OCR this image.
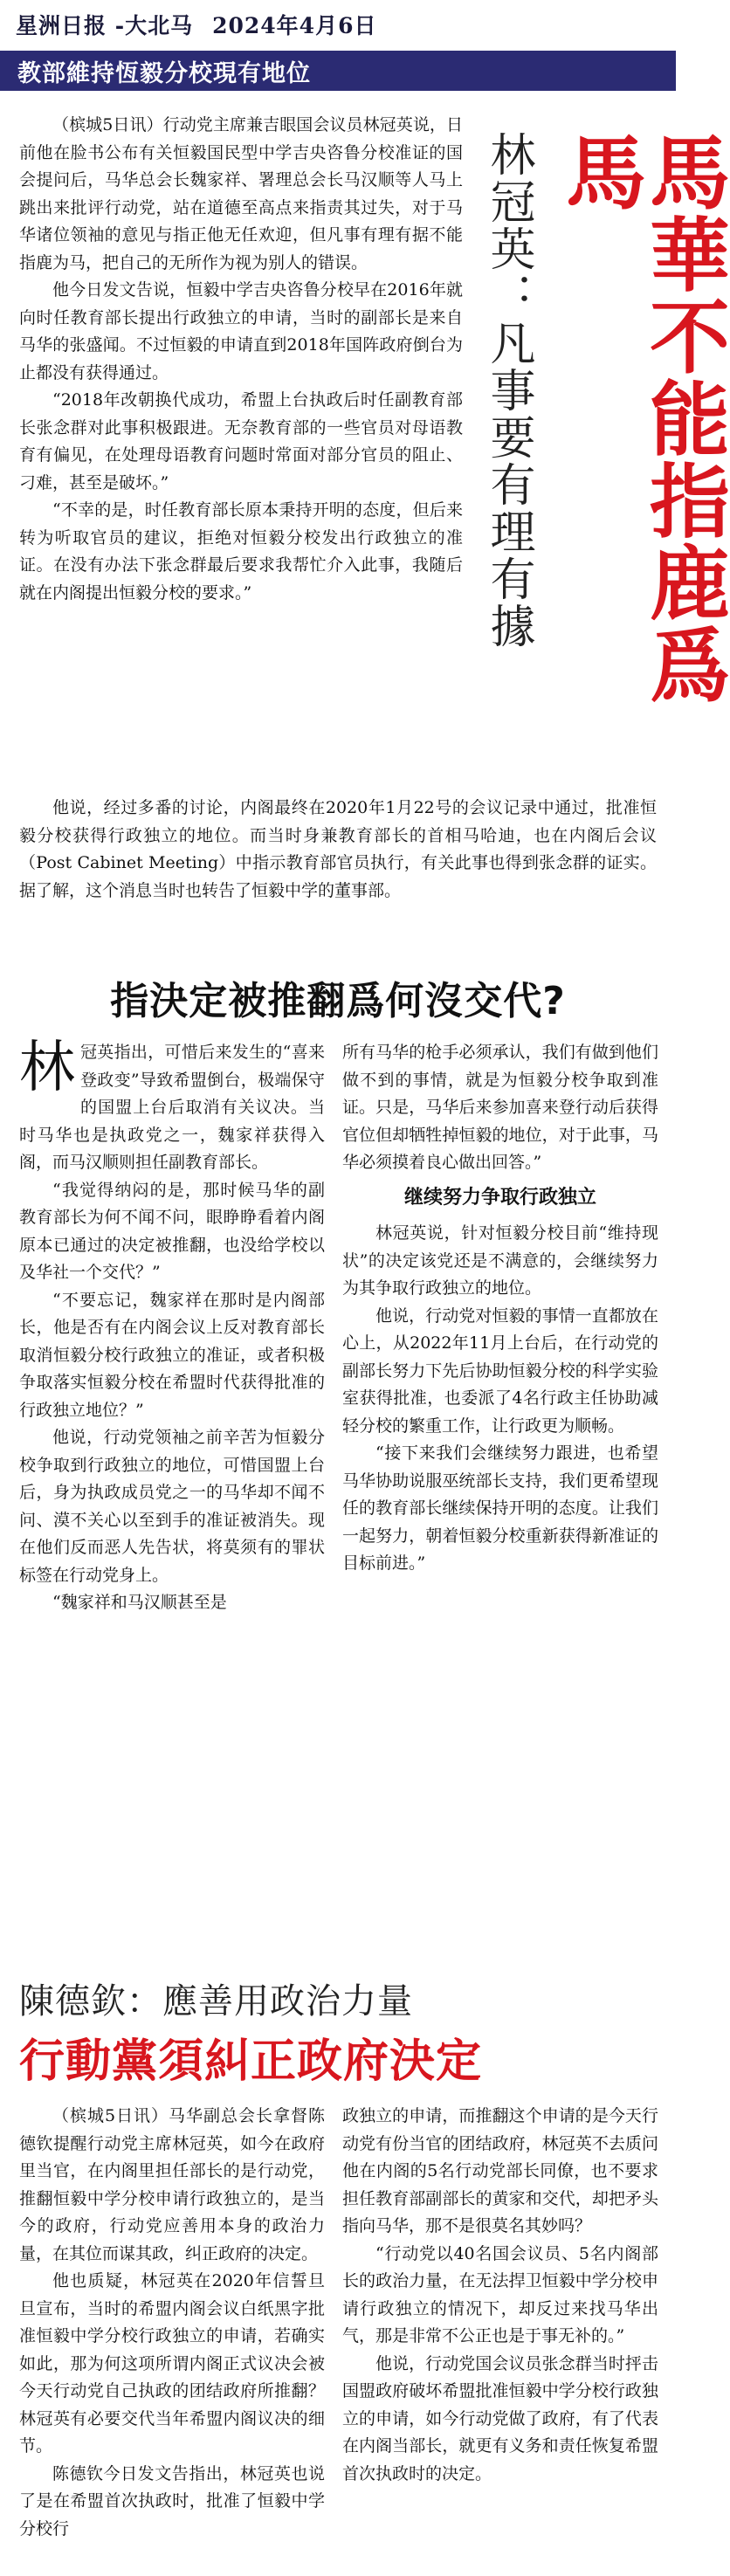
星洲日报 -大北马 2024年4月6日
教部維持恆毅分校現有地位

（槟城5日讯）行动党主席兼吉眼国会议员林冠英说，日前他在脸书公布有关恒毅国民型中学吉央咨鲁分校准证的国会提问后，马华总会长魏家祥、署理总会长马汉顺等人马上跳出来批评行动党，站在道德至高点来指责其过失，对于马华诸位领袖的意见与指正他无任欢迎，但凡事有理有据不能指鹿为马，把自己的无所作为视为别人的错误。

他今日发文告说，恒毅中学吉央咨鲁分校早在2016年就向时任教育部长提出行政独立的申请，当时的副部长是来自马华的张盛闻。不过恒毅的申请直到2018年国阵政府倒台为止都没有获得通过。

“2018年改朝换代成功，希盟上台执政后时任副教育部长张念群对此事积极跟进。无奈教育部的一些官员对母语教育有偏见，在处理母语教育问题时常面对部分官员的阻止、刁难，甚至是破坏。”

“不幸的是，时任教育部长原本秉持开明的态度，但后来转为听取官员的建议，拒绝对恒毅分校发出行政独立的准证。在没有办法下张念群最后要求我帮忙介入此事，我随后就在内阁提出恒毅分校的要求。”	林冠英：凡事要有理有據	馬華不能指鹿爲馬

他说，经过多番的讨论，内阁最终在2020年1月22号的会议记录中通过，批准恒毅分校获得行政独立的地位。而当时身兼教育部长的首相马哈迪，也在内阁后会议（Post Cabinet Meeting）中指示教育部官员执行，有关此事也得到张念群的证实。据了解，这个消息当时也转告了恒毅中学的董事部。

指決定被推翻爲何沒交代?

林冠英指出，可惜后来发生的“喜来登政变”导致希盟倒台，极端保守的国盟上台后取消有关议决。当时马华也是执政党之一，魏家祥获得入阁，而马汉顺则担任副教育部长。

“我觉得纳闷的是，那时候马华的副教育部长为何不闻不问，眼睁睁看着内阁原本已通过的决定被推翻，也没给学校以及华社一个交代？”

“不要忘记，魏家祥在那时是内阁部长，他是否有在内阁会议上反对教育部长取消恒毅分校行政独立的准证，或者积极争取落实恒毅分校在希盟时代获得批准的行政独立地位？”

他说，行动党领袖之前辛苦为恒毅分校争取到行政独立的地位，可惜国盟上台后，身为执政成员党之一的马华却不闻不问、漠不关心以至到手的准证被消失。现在他们反而恶人先告状，将莫须有的罪状标签在行动党身上。

“魏家祥和马汉顺甚至是

所有马华的枪手必须承认，我们有做到他们做不到的事情，就是为恒毅分校争取到准证。只是，马华后来参加喜来登行动后获得官位但却牺牲掉恒毅的地位，对于此事，马华必须摸着良心做出回答。”

继续努力争取行政独立

林冠英说，针对恒毅分校目前“维持现状”的决定该党还是不满意的，会继续努力为其争取行政独立的地位。

他说，行动党对恒毅的事情一直都放在心上，从2022年11月上台后，在行动党的副部长努力下先后协助恒毅分校的科学实验室获得批准，也委派了4名行政主任协助减轻分校的繁重工作，让行政更为顺畅。

“接下来我们会继续努力跟进，也希望马华协助说服巫统部长支持，我们更希望现任的教育部长继续保持开明的态度。让我们一起努力，朝着恒毅分校重新获得新准证的目标前进。”

陳德欽：應善用政治力量
行動黨須糾正政府決定

（槟城5日讯）马华副总会长拿督陈德钦提醒行动党主席林冠英，如今在政府里当官，在内阁里担任部长的是行动党，推翻恒毅中学分校申请行政独立的，是当今的政府，行动党应善用本身的政治力量，在其位而谋其政，纠正政府的决定。

他也质疑，林冠英在2020年信誓旦旦宣布，当时的希盟内阁会议白纸黑字批准恒毅中学分校行政独立的申请，若确实如此，那为何这项所谓内阁正式议决会被今天行动党自己执政的团结政府所推翻？林冠英有必要交代当年希盟内阁议决的细节。

陈德钦今日发文告指出，林冠英也说了是在希盟首次执政时，批准了恒毅中学分校行

政独立的申请，而推翻这个申请的是今天行动党有份当官的团结政府，林冠英不去质问他在内阁的5名行动党部长同僚，也不要求担任教育部副部长的黄家和交代，却把矛头指向马华，那不是很莫名其妙吗？

“行动党以40名国会议员、5名内阁部长的政治力量，在无法捍卫恒毅中学分校申请行政独立的情况下，却反过来找马华出气，那是非常不公正也是于事无补的。”

他说，行动党国会议员张念群当时抨击国盟政府破坏希盟批准恒毅中学分校行政独立的申请，如今行动党做了政府，有了代表在内阁当部长，就更有义务和责任恢复希盟首次执政时的决定。
